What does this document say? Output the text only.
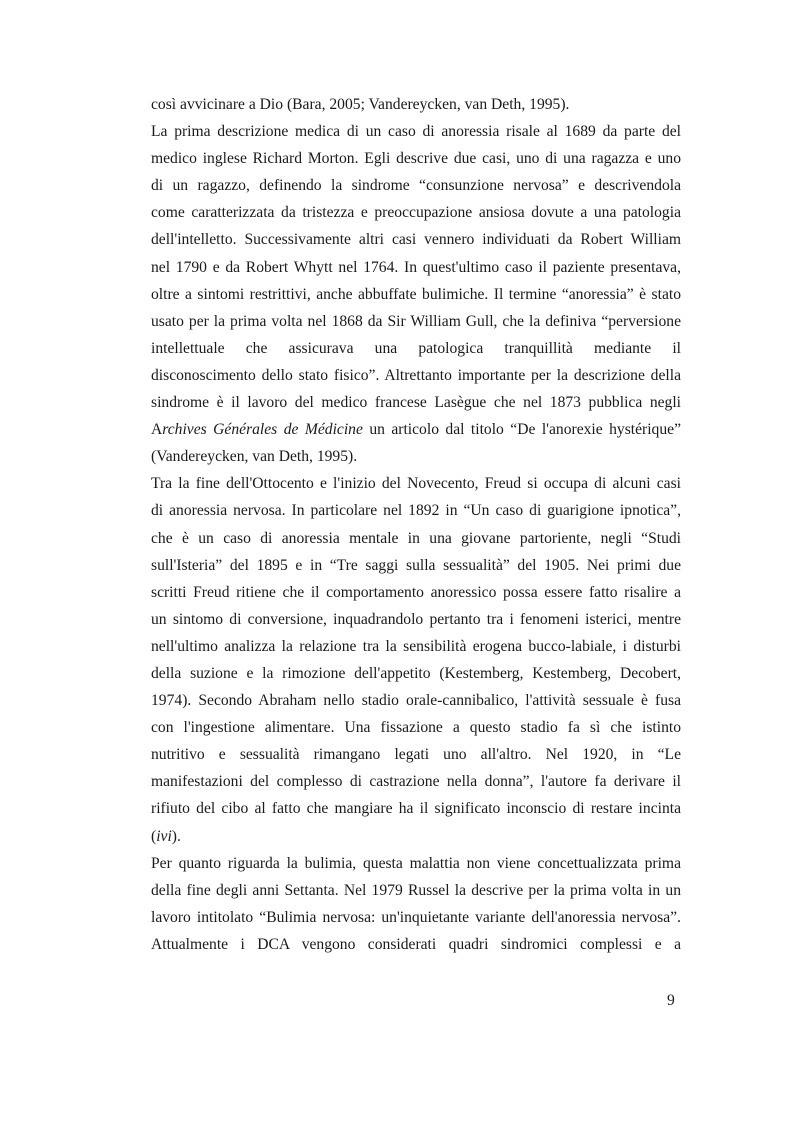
così avvicinare a Dio (Bara, 2005; Vandereycken, van Deth, 1995).
La prima descrizione medica di un caso di anoressia risale al 1689 da parte del
medico inglese Richard Morton. Egli descrive due casi, uno di una ragazza e uno
di un ragazzo, definendo la sindrome “consunzione nervosa” e descrivendola
come caratterizzata da tristezza e preoccupazione ansiosa dovute a una patologia
dell'intelletto. Successivamente altri casi vennero individuati da Robert William
nel 1790 e da Robert Whytt nel 1764. In quest'ultimo caso il paziente presentava,
oltre a sintomi restrittivi, anche abbuffate bulimiche. Il termine “anoressia” è stato
usato per la prima volta nel 1868 da Sir William Gull, che la definiva “perversione
intellettuale che assicurava una patologica tranquillità mediante il
disconoscimento dello stato fisico”. Altrettanto importante per la descrizione della
sindrome è il lavoro del medico francese Lasègue che nel 1873 pubblica negli
Archives Générales de Médicine un articolo dal titolo “De l'anorexie hystérique”
(Vandereycken, van Deth, 1995).
Tra la fine dell'Ottocento e l'inizio del Novecento, Freud si occupa di alcuni casi
di anoressia nervosa. In particolare nel 1892 in “Un caso di guarigione ipnotica”,
che è un caso di anoressia mentale in una giovane partoriente, negli “Studi
sull'Isteria” del 1895 e in “Tre saggi sulla sessualità” del 1905. Nei primi due
scritti Freud ritiene che il comportamento anoressico possa essere fatto risalire a
un sintomo di conversione, inquadrandolo pertanto tra i fenomeni isterici, mentre
nell'ultimo analizza la relazione tra la sensibilità erogena bucco-labiale, i disturbi
della suzione e la rimozione dell'appetito (Kestemberg, Kestemberg, Decobert,
1974). Secondo Abraham nello stadio orale-cannibalico, l'attività sessuale è fusa
con l'ingestione alimentare. Una fissazione a questo stadio fa sì che istinto
nutritivo e sessualità rimangano legati uno all'altro. Nel 1920, in “Le
manifestazioni del complesso di castrazione nella donna”, l'autore fa derivare il
rifiuto del cibo al fatto che mangiare ha il significato inconscio di restare incinta
(ivi).
Per quanto riguarda la bulimia, questa malattia non viene concettualizzata prima
della fine degli anni Settanta. Nel 1979 Russel la descrive per la prima volta in un
lavoro intitolato “Bulimia nervosa: un'inquietante variante dell'anoressia nervosa”.
Attualmente i DCA vengono considerati quadri sindromici complessi e a
9
